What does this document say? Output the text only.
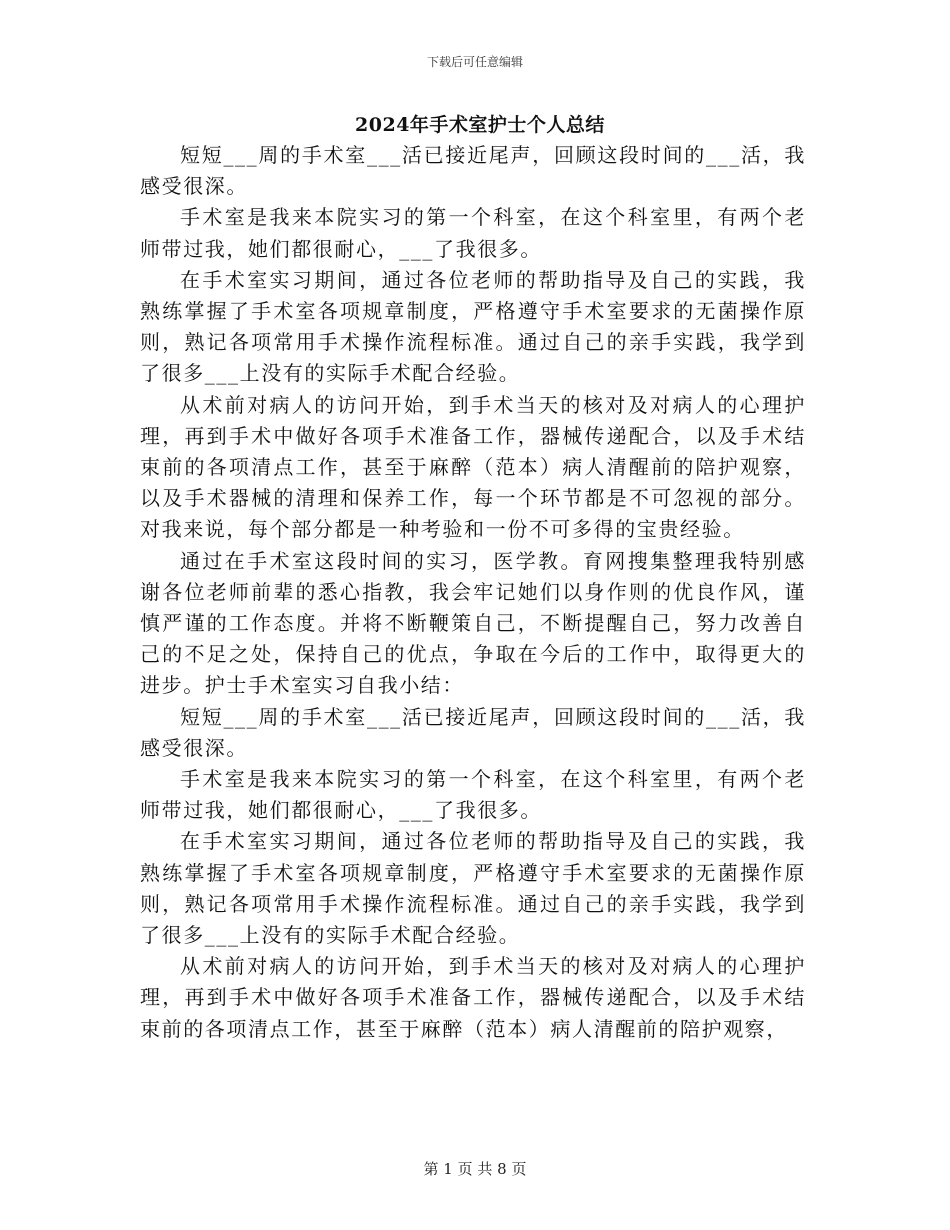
下载后可任意编辑
2024年手术室护士个人总结

短短___周的手术室___活已接近尾声，回顾这段时间的___活，我感受很深。

手术室是我来本院实习的第一个科室，在这个科室里，有两个老师带过我，她们都很耐心，___了我很多。

在手术室实习期间，通过各位老师的帮助指导及自己的实践，我熟练掌握了手术室各项规章制度，严格遵守手术室要求的无菌操作原则，熟记各项常用手术操作流程标准。通过自己的亲手实践，我学到了很多___上没有的实际手术配合经验。

从术前对病人的访问开始，到手术当天的核对及对病人的心理护理，再到手术中做好各项手术准备工作，器械传递配合，以及手术结束前的各项清点工作，甚至于麻醉（范本）病人清醒前的陪护观察，以及手术器械的清理和保养工作，每一个环节都是不可忽视的部分。对我来说，每个部分都是一种考验和一份不可多得的宝贵经验。

通过在手术室这段时间的实习，医学教。育网搜集整理我特别感谢各位老师前辈的悉心指教，我会牢记她们以身作则的优良作风，谨慎严谨的工作态度。并将不断鞭策自己，不断提醒自己，努力改善自己的不足之处，保持自己的优点，争取在今后的工作中，取得更大的进步。护士手术室实习自我小结：

短短___周的手术室___活已接近尾声，回顾这段时间的___活，我感受很深。

手术室是我来本院实习的第一个科室，在这个科室里，有两个老师带过我，她们都很耐心，___了我很多。

在手术室实习期间，通过各位老师的帮助指导及自己的实践，我熟练掌握了手术室各项规章制度，严格遵守手术室要求的无菌操作原则，熟记各项常用手术操作流程标准。通过自己的亲手实践，我学到了很多___上没有的实际手术配合经验。

从术前对病人的访问开始，到手术当天的核对及对病人的心理护理，再到手术中做好各项手术准备工作，器械传递配合，以及手术结束前的各项清点工作，甚至于麻醉（范本）病人清醒前的陪护观察，

第 1 页 共 8 页
